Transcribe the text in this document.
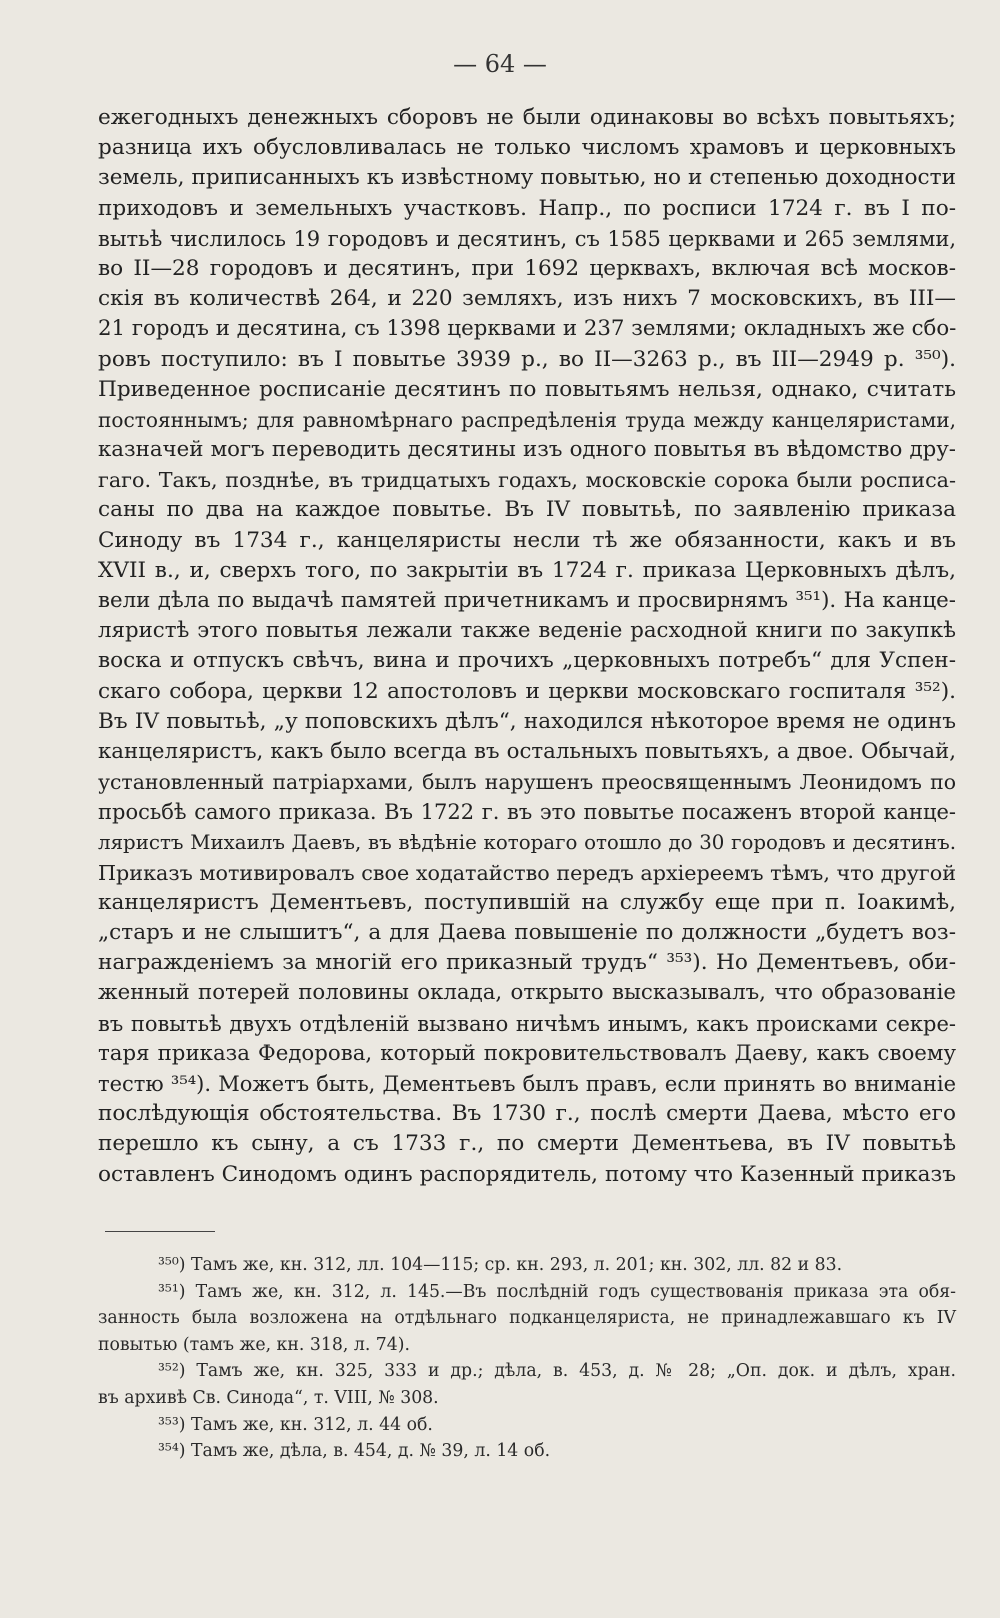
— 64 —
ежегодныхъ денежныхъ сборовъ не были одинаковы во всѣхъ повытьяхъ;
разница ихъ обусловливалась не только числомъ храмовъ и церковныхъ
земель, приписанныхъ къ извѣстному повытью, но и степенью доходности
приходовъ и земельныхъ участковъ. Напр., по росписи 1724 г. въ I по-
вытьѣ числилось 19 городовъ и десятинъ, съ 1585 церквами и 265 землями,
во II—28 городовъ и десятинъ, при 1692 церквахъ, включая всѣ москов-
скія въ количествѣ 264, и 220 земляхъ, изъ нихъ 7 московскихъ, въ III—
21 городъ и десятина, съ 1398 церквами и 237 землями; окладныхъ же сбо-
ровъ поступило: въ I повытье 3939 р., во II—3263 р., въ III—2949 р. ³⁵⁰).
Приведенное росписаніе десятинъ по повытьямъ нельзя, однако, считать
постояннымъ; для равномѣрнаго распредѣленія труда между канцеляристами,
казначей могъ переводить десятины изъ одного повытья въ вѣдомство дру-
гаго. Такъ, позднѣе, въ тридцатыхъ годахъ, московскіе сорока были росписа-
саны по два на каждое повытье. Въ IV повытьѣ, по заявленію приказа
Синоду въ 1734 г., канцеляристы несли тѣ же обязанности, какъ и въ
XVII в., и, сверхъ того, по закрытіи въ 1724 г. приказа Церковныхъ дѣлъ,
вели дѣла по выдачѣ памятей причетникамъ и просвирнямъ ³⁵¹). На канце-
ляристѣ этого повытья лежали также веденіе расходной книги по закупкѣ
воска и отпускъ свѣчъ, вина и прочихъ „церковныхъ потребъ“ для Успен-
скаго собора, церкви 12 апостоловъ и церкви московскаго госпиталя ³⁵²).
Въ IV повытьѣ, „у поповскихъ дѣлъ“, находился нѣкоторое время не одинъ
канцеляристъ, какъ было всегда въ остальныхъ повытьяхъ, а двое. Обычай,
установленный патріархами, былъ нарушенъ преосвященнымъ Леонидомъ по
просьбѣ самого приказа. Въ 1722 г. въ это повытье посаженъ второй канце-
ляристъ Михаилъ Даевъ, въ вѣдѣніе котораго отошло до 30 городовъ и десятинъ.
Приказъ мотивировалъ свое ходатайство передъ архіереемъ тѣмъ, что другой
канцеляристъ Дементьевъ, поступившій на службу еще при п. Іоакимѣ,
„старъ и не слышитъ“, а для Даева повышеніе по должности „будетъ воз-
награжденіемъ за многій его приказный трудъ“ ³⁵³). Но Дементьевъ, оби-
женный потерей половины оклада, открыто высказывалъ, что образованіе
въ повытьѣ двухъ отдѣленій вызвано ничѣмъ инымъ, какъ происками секре-
таря приказа Федорова, который покровительствовалъ Даеву, какъ своему
тестю ³⁵⁴). Можетъ быть, Дементьевъ былъ правъ, если принять во вниманіе
послѣдующія обстоятельства. Въ 1730 г., послѣ смерти Даева, мѣсто его
перешло къ сыну, а съ 1733 г., по смерти Дементьева, въ IV повытьѣ
оставленъ Синодомъ одинъ распорядитель, потому что Казенный приказъ
³⁵⁰) Тамъ же, кн. 312, лл. 104—115; ср. кн. 293, л. 201; кн. 302, лл. 82 и 83.
³⁵¹) Тамъ же, кн. 312, л. 145.—Въ послѣдній годъ существованія приказа эта обя-
занность была возложена на отдѣльнаго подканцеляриста, не принадлежавшаго къ IV
повытью (тамъ же, кн. 318, л. 74).
³⁵²) Тамъ же, кн. 325, 333 и др.; дѣла, в. 453, д. № 28; „Оп. док. и дѣлъ, хран.
въ архивѣ Св. Синода“, т. VIII, № 308.
³⁵³) Тамъ же, кн. 312, л. 44 об.
³⁵⁴) Тамъ же, дѣла, в. 454, д. № 39, л. 14 об.
